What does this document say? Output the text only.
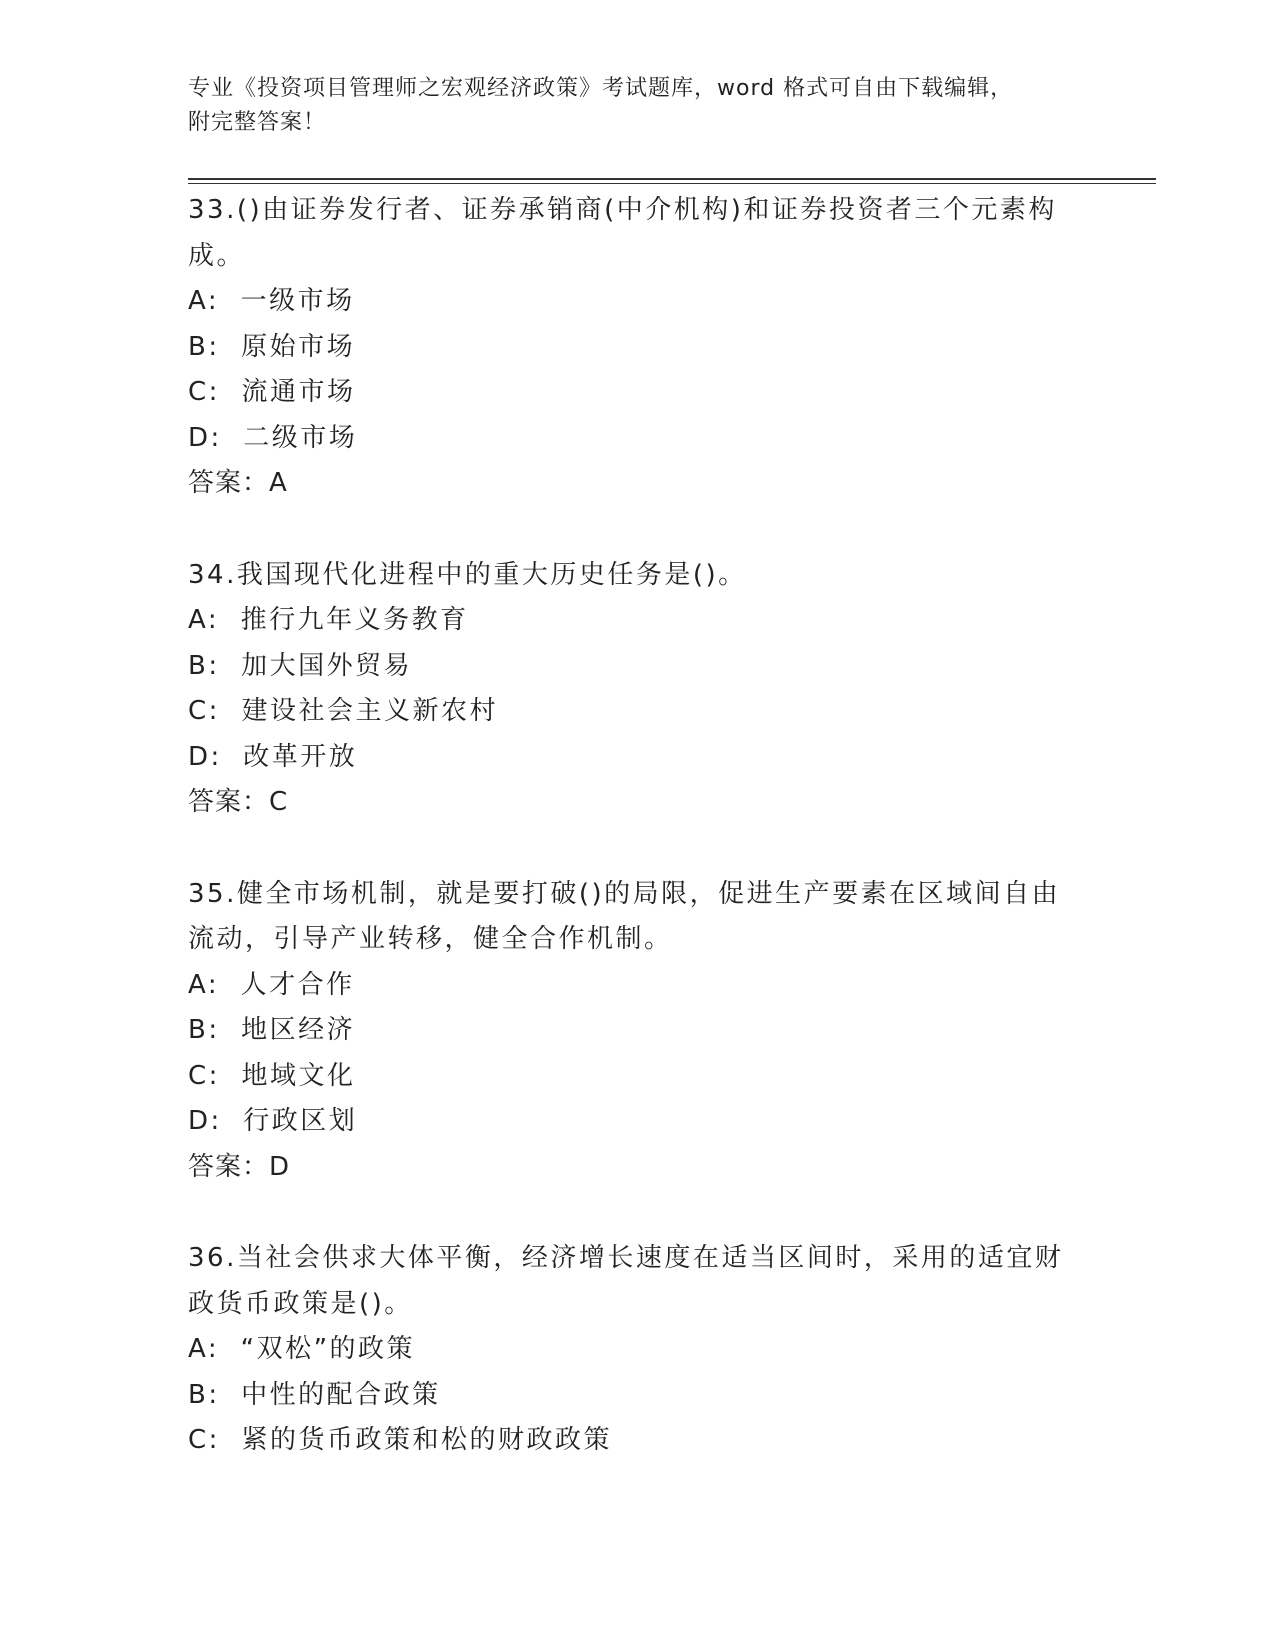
专业《投资项目管理师之宏观经济政策》考试题库，word 格式可自由下载编辑，
附完整答案！

33.()由证券发行者、证券承销商(中介机构)和证券投资者三个元素构成。

A:  一级市场

B:  原始市场

C:  流通市场

D:  二级市场

答案：A

34.我国现代化进程中的重大历史任务是()。

A:  推行九年义务教育

B:  加大国外贸易

C:  建设社会主义新农村

D:  改革开放

答案：C

35.健全市场机制，就是要打破()的局限，促进生产要素在区域间自由流动，引导产业转移，健全合作机制。

A:  人才合作

B:  地区经济

C:  地域文化

D:  行政区划

答案：D

36.当社会供求大体平衡，经济增长速度在适当区间时，采用的适宜财政货币政策是()。

A:  “双松”的政策

B:  中性的配合政策

C:  紧的货币政策和松的财政政策
